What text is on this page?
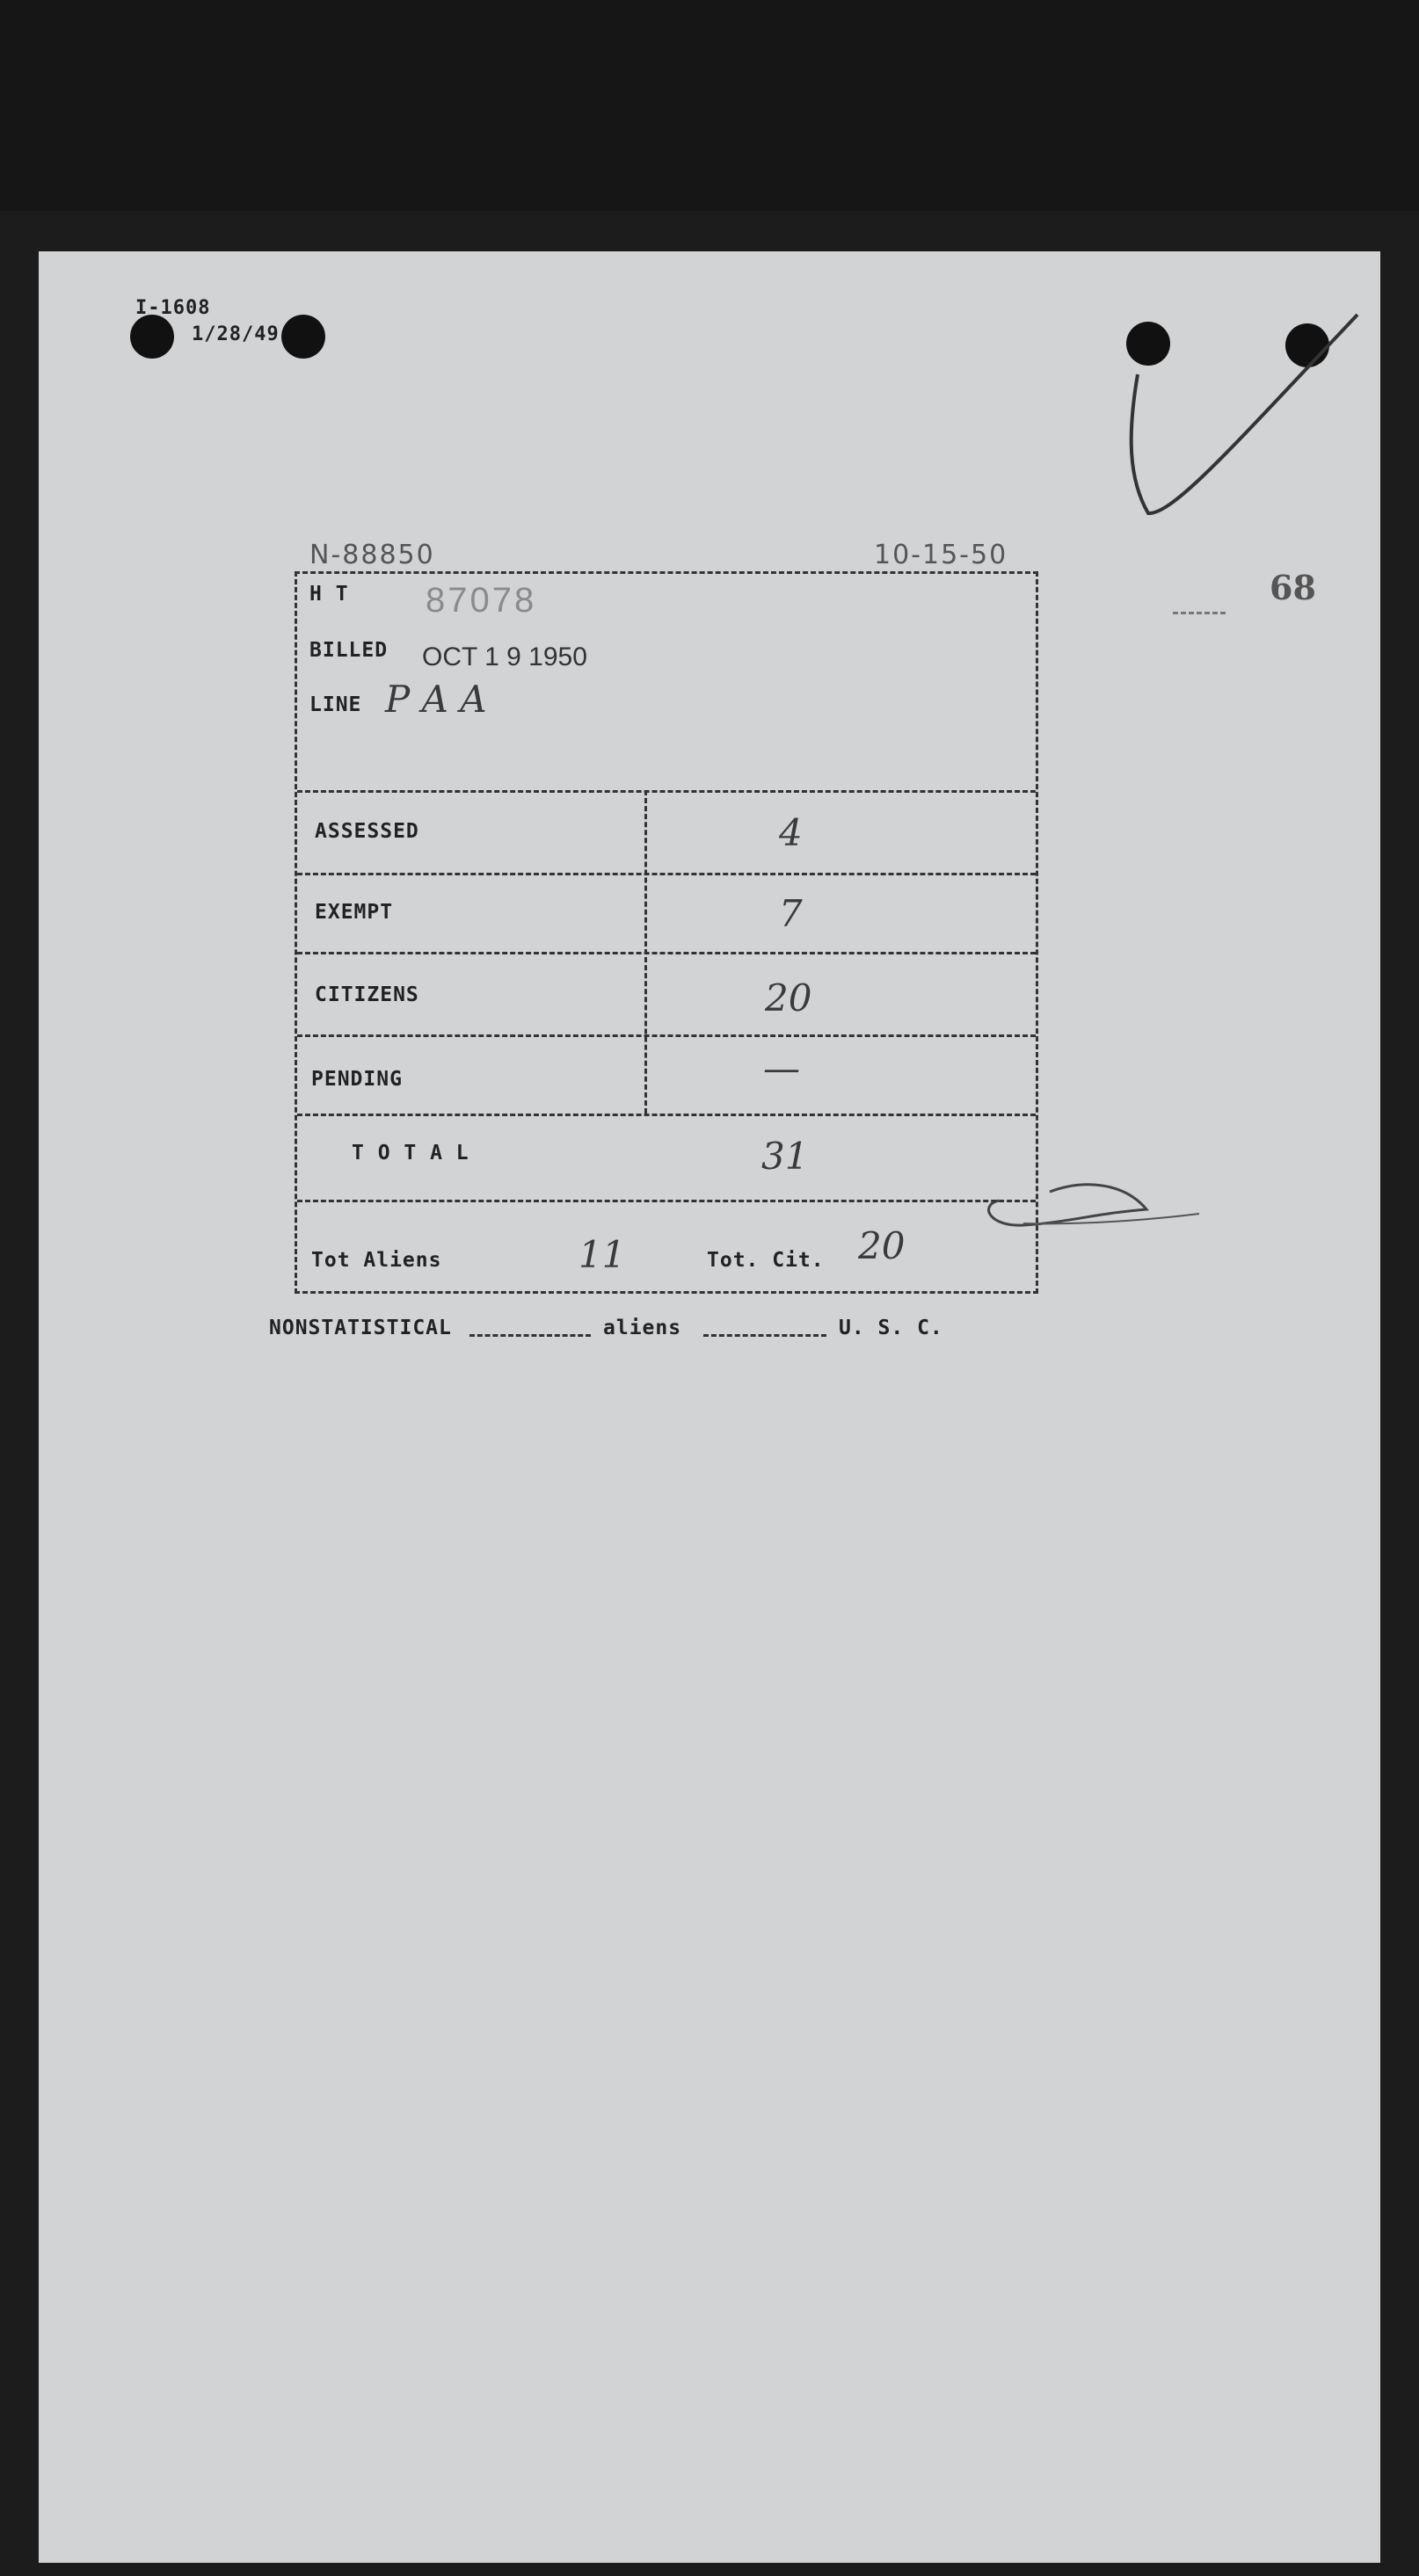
I-1608
1/28/49
N-88850	10-15-50
68
H T 87078
BILLED OCT 1 9 1950
LINE P A A
ASSESSED	4
EXEMPT	7
CITIZENS	20
PENDING	—
T O T A L	31
Tot Aliens	11	Tot. Cit. 20
NONSTATISTICAL	aliens	U. S. C.
